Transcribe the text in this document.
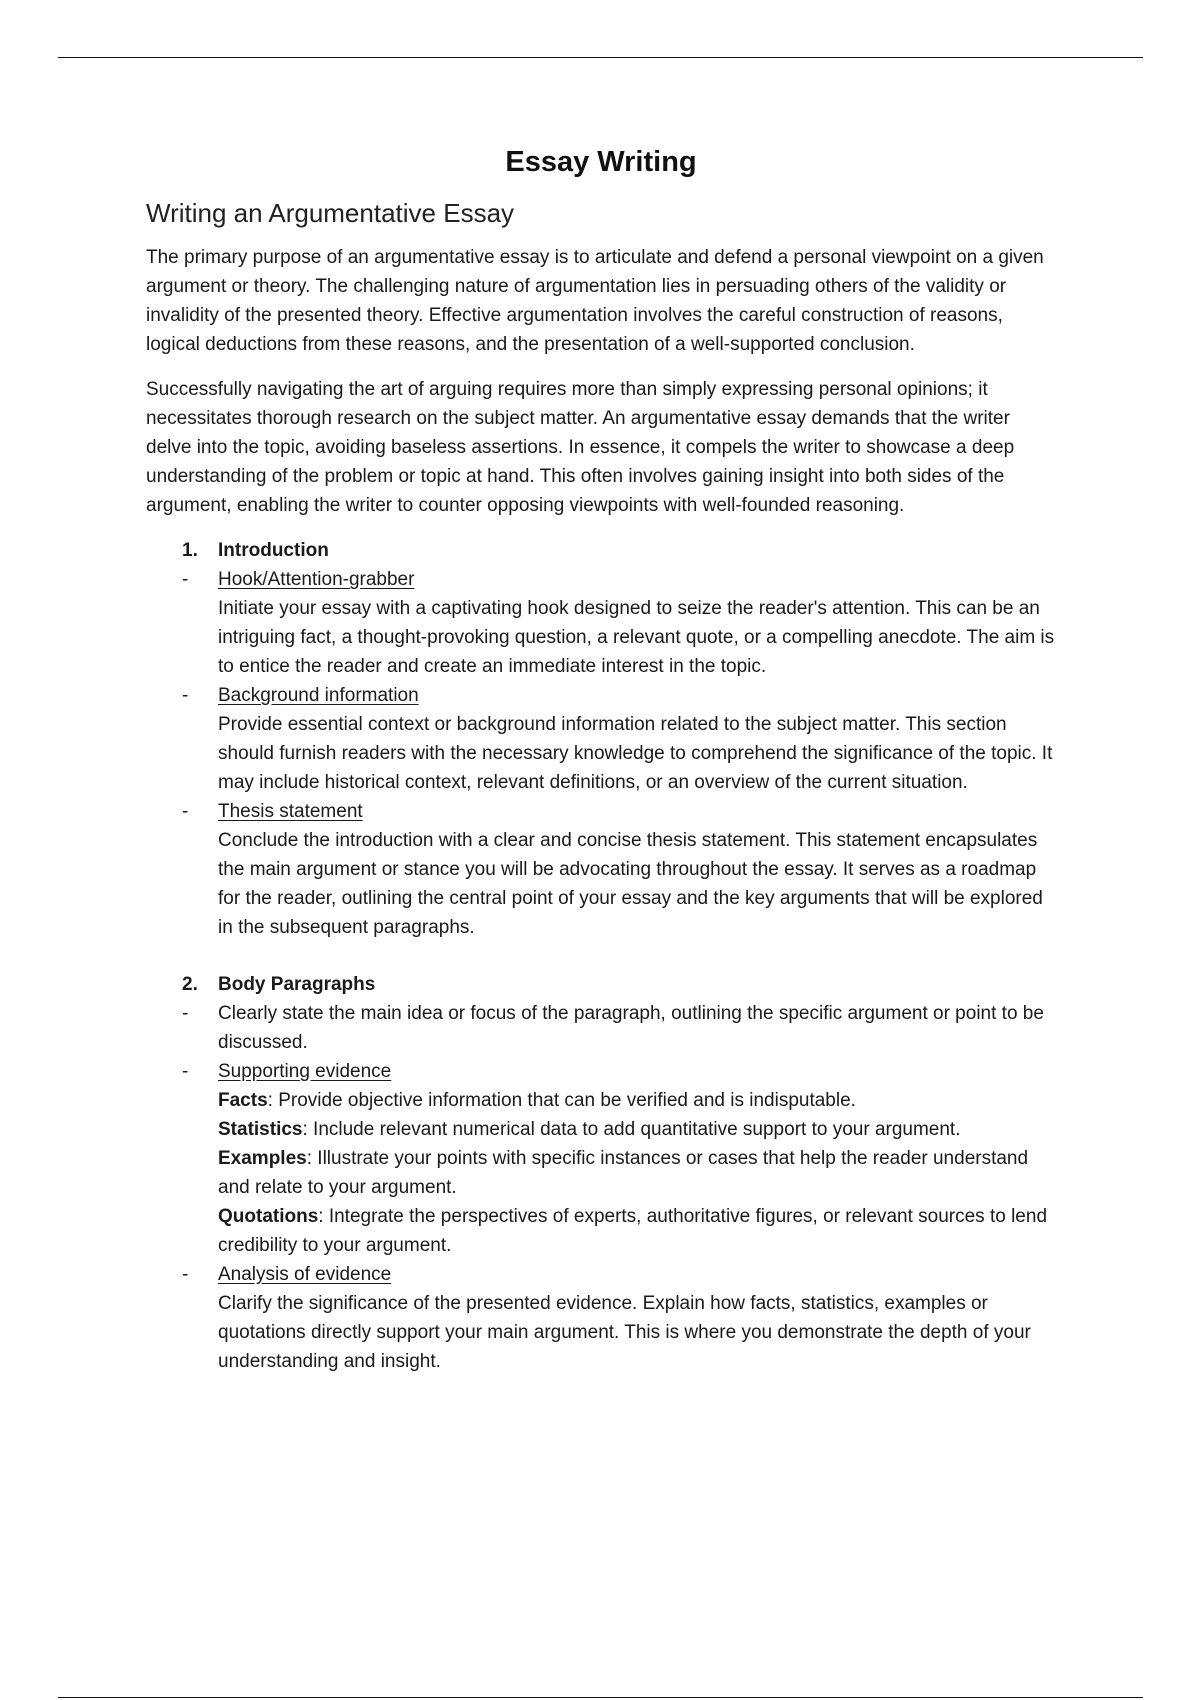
Essay Writing
Writing an Argumentative Essay

The primary purpose of an argumentative essay is to articulate and defend a personal viewpoint on a given argument or theory. The challenging nature of argumentation lies in persuading others of the validity or invalidity of the presented theory. Effective argumentation involves the careful construction of reasons, logical deductions from these reasons, and the presentation of a well-supported conclusion.

Successfully navigating the art of arguing requires more than simply expressing personal opinions; it necessitates thorough research on the subject matter. An argumentative essay demands that the writer delve into the topic, avoiding baseless assertions. In essence, it compels the writer to showcase a deep understanding of the problem or topic at hand. This often involves gaining insight into both sides of the argument, enabling the writer to counter opposing viewpoints with well-founded reasoning.

1. Introduction
- Hook/Attention-grabber
Initiate your essay with a captivating hook designed to seize the reader's attention. This can be an intriguing fact, a thought-provoking question, a relevant quote, or a compelling anecdote. The aim is to entice the reader and create an immediate interest in the topic.
- Background information
Provide essential context or background information related to the subject matter. This section should furnish readers with the necessary knowledge to comprehend the significance of the topic. It may include historical context, relevant definitions, or an overview of the current situation.
- Thesis statement
Conclude the introduction with a clear and concise thesis statement. This statement encapsulates the main argument or stance you will be advocating throughout the essay. It serves as a roadmap for the reader, outlining the central point of your essay and the key arguments that will be explored in the subsequent paragraphs.
2. Body Paragraphs
- Clearly state the main idea or focus of the paragraph, outlining the specific argument or point to be discussed.
- Supporting evidence
Facts: Provide objective information that can be verified and is indisputable.
Statistics: Include relevant numerical data to add quantitative support to your argument.
Examples: Illustrate your points with specific instances or cases that help the reader understand and relate to your argument.
Quotations: Integrate the perspectives of experts, authoritative figures, or relevant sources to lend credibility to your argument.
- Analysis of evidence
Clarify the significance of the presented evidence. Explain how facts, statistics, examples or quotations directly support your main argument. This is where you demonstrate the depth of your understanding and insight.
